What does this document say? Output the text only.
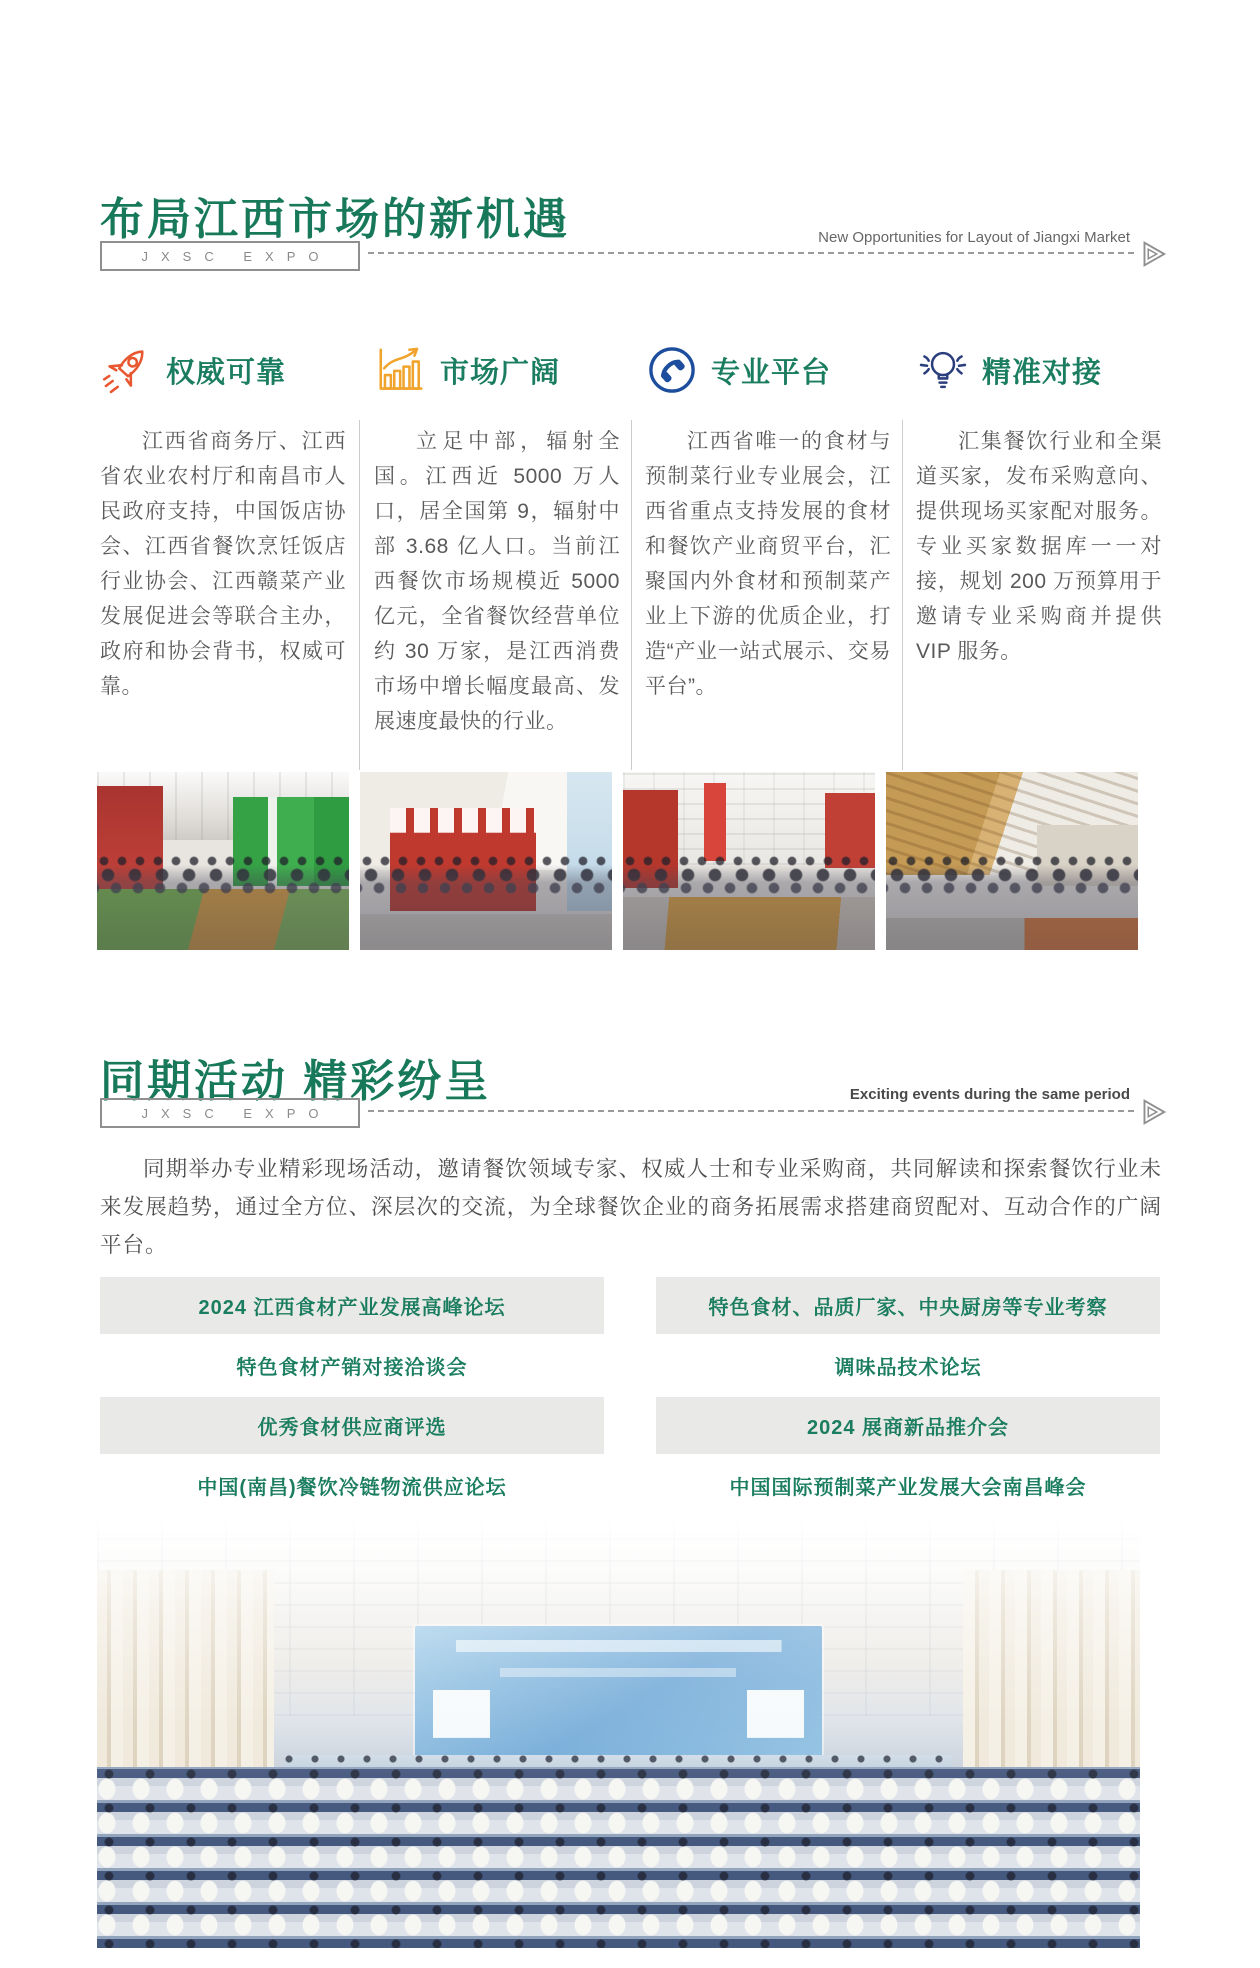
布局江西市场的新机遇	New Opportunities for Layout of Jiangxi Market
JXSC EXPO
权威可靠
江西省商务厅、江西省农业农村厅和南昌市人民政府支持，中国饭店协会、江西省餐饮烹饪饭店行业协会、江西赣菜产业发展促进会等联合主办，政府和协会背书，权威可靠。
市场广阔
立足中部，辐射全国。江西近 5000 万人口，居全国第 9，辐射中部 3.68 亿人口。当前江西餐饮市场规模近 5000 亿元，全省餐饮经营单位约 30 万家，是江西消费市场中增长幅度最高、发展速度最快的行业。
专业平台
江西省唯一的食材与预制菜行业专业展会，江西省重点支持发展的食材和餐饮产业商贸平台，汇聚国内外食材和预制菜产业上下游的优质企业，打造“产业一站式展示、交易平台”。
精准对接
汇集餐饮行业和全渠道买家，发布采购意向、提供现场买家配对服务。专业买家数据库一一对接，规划 200 万预算用于邀请专业采购商并提供 VIP 服务。
同期活动 精彩纷呈	Exciting events during the same period
JXSC EXPO
同期举办专业精彩现场活动，邀请餐饮领域专家、权威人士和专业采购商，共同解读和探索餐饮行业未来发展趋势，通过全方位、深层次的交流，为全球餐饮企业的商务拓展需求搭建商贸配对、互动合作的广阔平台。
2024 江西食材产业发展高峰论坛
特色食材产销对接洽谈会
优秀食材供应商评选
中国(南昌)餐饮冷链物流供应论坛
特色食材、品质厂家、中央厨房等专业考察
调味品技术论坛
2024 展商新品推介会
中国国际预制菜产业发展大会南昌峰会
